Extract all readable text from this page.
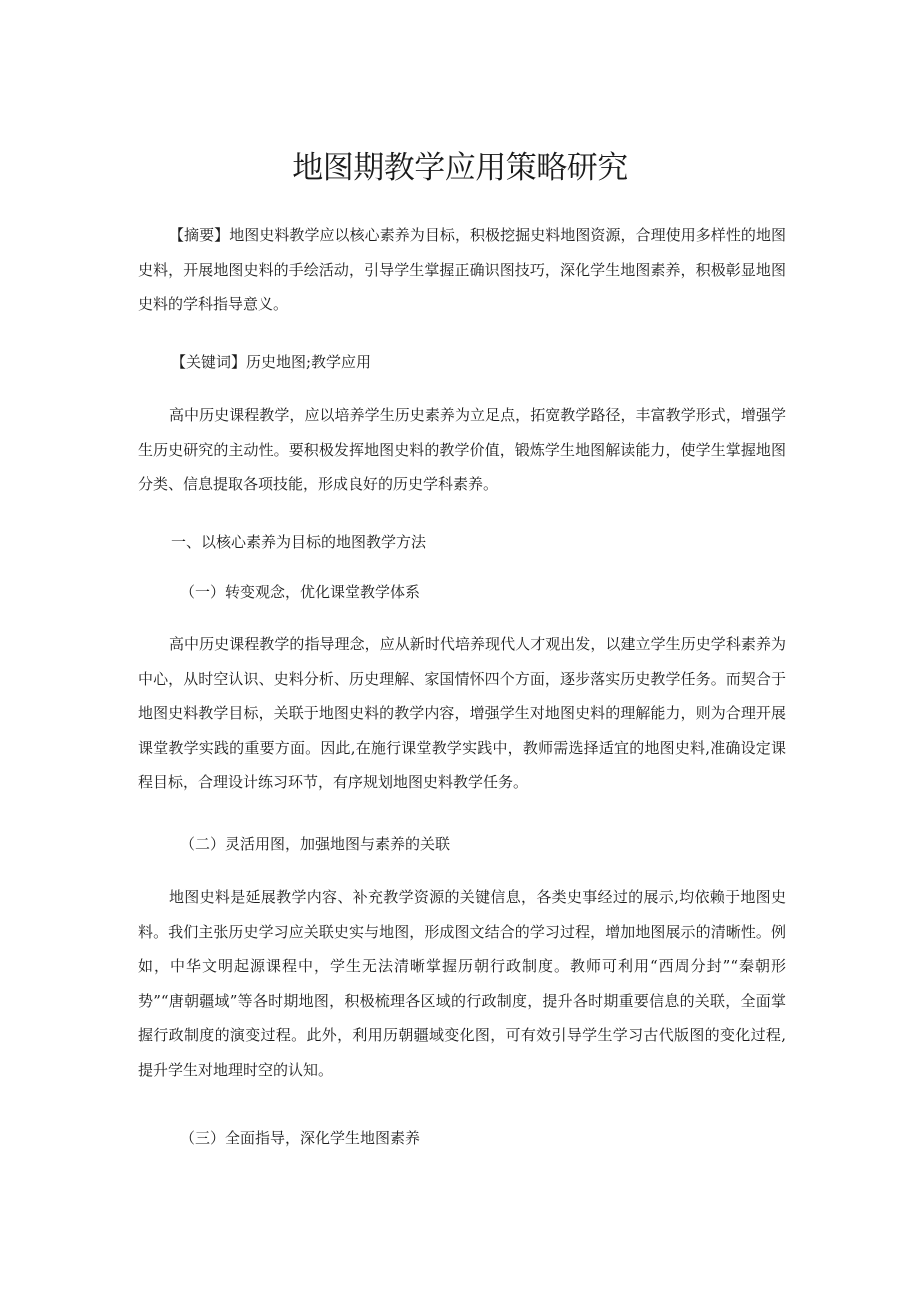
地图期教学应用策略研究

【摘要】地图史料教学应以核心素养为目标，积极挖掘史料地图资源，合理使用多样性的地图史料，开展地图史料的手绘活动，引导学生掌握正确识图技巧，深化学生地图素养，积极彰显地图史料的学科指导意义。

【关键词】历史地图;教学应用

高中历史课程教学，应以培养学生历史素养为立足点，拓宽教学路径，丰富教学形式，增强学生历史研究的主动性。要积极发挥地图史料的教学价值，锻炼学生地图解读能力，使学生掌握地图分类、信息提取各项技能，形成良好的历史学科素养。

一、以核心素养为目标的地图教学方法

（一）转变观念，优化课堂教学体系

高中历史课程教学的指导理念，应从新时代培养现代人才观出发，以建立学生历史学科素养为中心，从时空认识、史料分析、历史理解、家国情怀四个方面，逐步落实历史教学任务。而契合于地图史料教学目标，关联于地图史料的教学内容，增强学生对地图史料的理解能力，则为合理开展课堂教学实践的重要方面。因此,在施行课堂教学实践中，教师需选择适宜的地图史料,准确设定课程目标，合理设计练习环节，有序规划地图史料教学任务。

（二）灵活用图，加强地图与素养的关联

地图史料是延展教学内容、补充教学资源的关键信息，各类史事经过的展示,均依赖于地图史料。我们主张历史学习应关联史实与地图，形成图文结合的学习过程，增加地图展示的清晰性。例如，中华文明起源课程中，学生无法清晰掌握历朝行政制度。教师可利用“西周分封”“秦朝形势”“唐朝疆域”等各时期地图，积极梳理各区域的行政制度，提升各时期重要信息的关联，全面掌握行政制度的演变过程。此外，利用历朝疆域变化图，可有效引导学生学习古代版图的变化过程,提升学生对地理时空的认知。

（三）全面指导，深化学生地图素养
